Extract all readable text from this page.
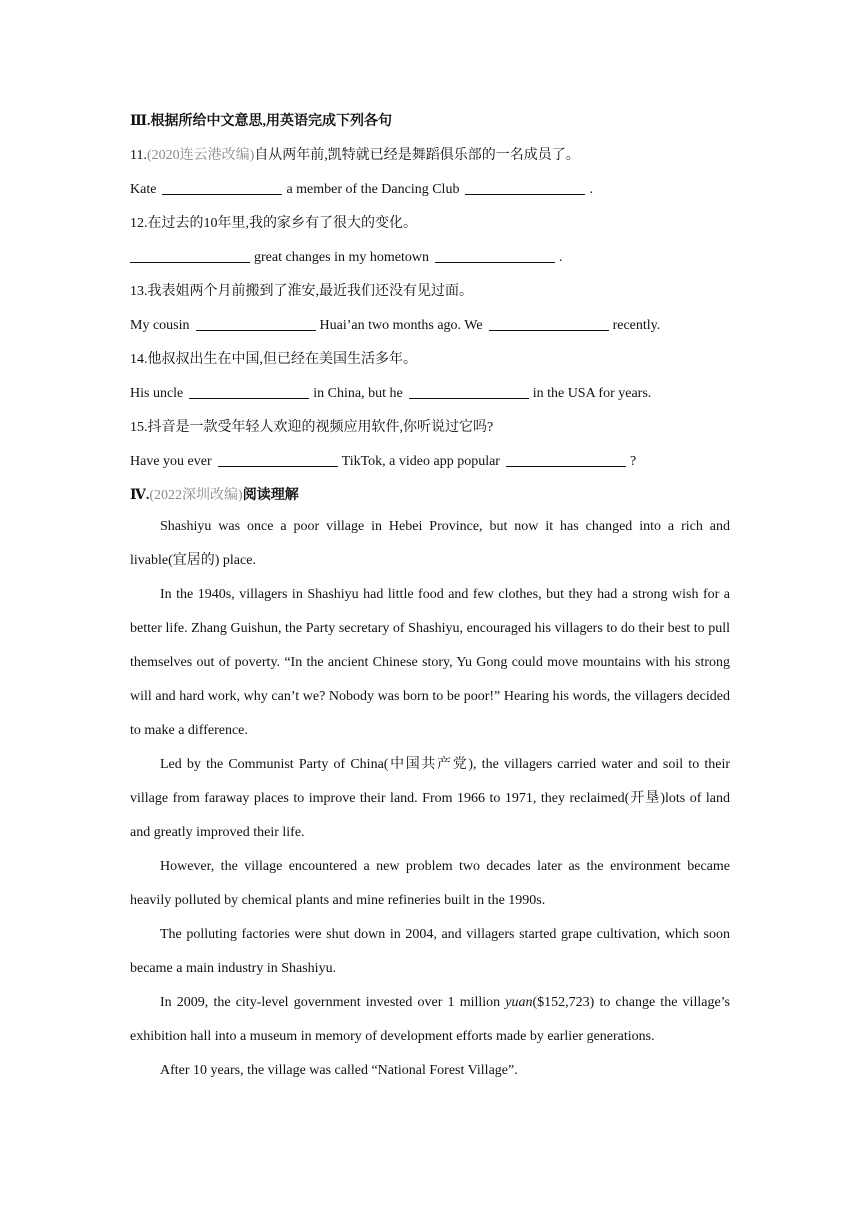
Ⅲ.根据所给中文意思,用英语完成下列各句

11.(2020连云港改编)自从两年前,凯特就已经是舞蹈俱乐部的一名成员了。

Kate	a member of the Dancing Club	.

12.在过去的10年里,我的家乡有了很大的变化。

great changes in my hometown	.

13.我表姐两个月前搬到了淮安,最近我们还没有见过面。

My cousin	Huai’an two months ago. We	recently.

14.他叔叔出生在中国,但已经在美国生活多年。

His uncle	in China, but he	in the USA for years.

15.抖音是一款受年轻人欢迎的视频应用软件,你听说过它吗?

Have you ever	TikTok, a video app popular	?

Ⅳ.(2022深圳改编)阅读理解

Shashiyu was once a poor village in Hebei Province, but now it has changed into a rich and livable(宜居的) place.

In the 1940s, villagers in Shashiyu had little food and few clothes, but they had a strong wish for a better life. Zhang Guishun, the Party secretary of Shashiyu, encouraged his villagers to do their best to pull themselves out of poverty. “In the ancient Chinese story, Yu Gong could move mountains with his strong will and hard work, why can’t we? Nobody was born to be poor!” Hearing his words, the villagers decided to make a difference.

Led by the Communist Party of China(中国共产党), the villagers carried water and soil to their village from faraway places to improve their land. From 1966 to 1971, they reclaimed(开垦)lots of land and greatly improved their life.

However, the village encountered a new problem two decades later as the environment became heavily polluted by chemical plants and mine refineries built in the 1990s.

The polluting factories were shut down in 2004, and villagers started grape cultivation, which soon became a main industry in Shashiyu.

In 2009, the city-level government invested over 1 million yuan($152,723) to change the village’s exhibition hall into a museum in memory of development efforts made by earlier generations.

After 10 years, the village was called “National Forest Village”.
